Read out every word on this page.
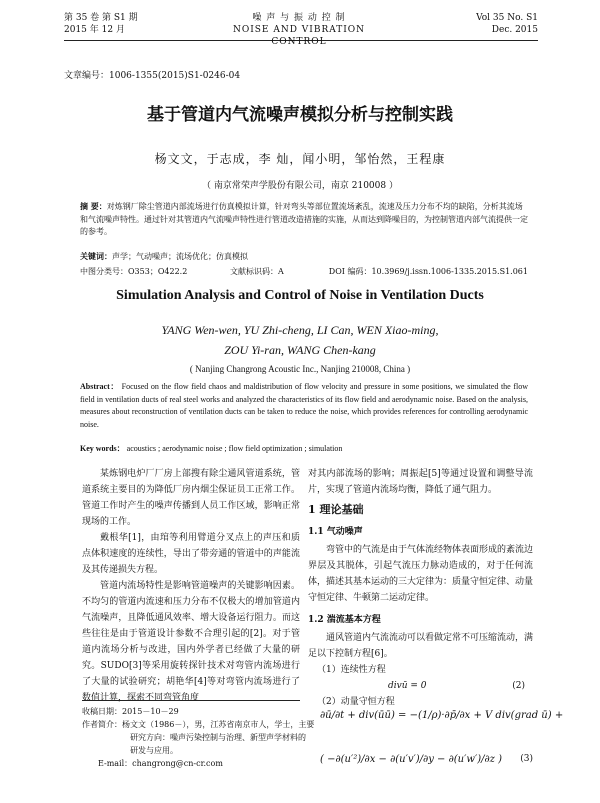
第 35 卷 第 S1 期
2015 年 12 月
噪 声 与 振 动 控 制
NOISE AND VIBRATION CONTROL
Vol 35 No. S1
Dec. 2015
文章编号：1006-1355(2015)S1-0246-04
基于管道内气流噪声模拟分析与控制实践
杨文文，于志成，李 灿，闻小明，邹怡然，王程康
（ 南京常荣声学股份有限公司，南京 210008 ）
摘 要：对炼钢厂除尘管道内部流场进行仿真模拟计算，针对弯头等部位置流场紊乱，流速及压力分布不均的缺陷，分析其流场和气流噪声特性。通过针对其管道内气流噪声特性进行管道改造措施的实施，从而达到降噪目的，为控制管道内部气流提供一定的参考。
关键词：声学；气动噪声；流场优化；仿真模拟
中图分类号：O353；O422.2	文献标识码：A	DOI 编码：10.3969/j.issn.1006-1335.2015.S1.061
Simulation Analysis and Control of Noise in Ventilation Ducts
YANG Wen-wen, YU Zhi-cheng, LI Can, WEN Xiao-ming,
ZOU Yi-ran, WANG Chen-kang
( Nanjing Changrong Acoustic Inc., Nanjing 210008, China )
Abstract： Focused on the flow field chaos and maldistribution of flow velocity and pressure in some positions, we simulated the flow field in ventilation ducts of real steel works and analyzed the characteristics of its flow field and aerodynamic noise. Based on the analysis, measures about reconstruction of ventilation ducts can be taken to reduce the noise, which provides references for controlling aerodynamic noise.
Key words： acoustics ; aerodynamic noise ; flow field optimization ; simulation

某炼钢电炉厂厂房上部搜有除尘通风管道系统，管道系统主要目的为降低厂房内烟尘保证员工正常工作。管道工作时产生的噪声传播到人员工作区域，影响正常现场的工作。

戴根华[1]，由琯等利用臂道分叉点上的声压和质点体积速度的连续性，导出了带旁通的管道中的声能流及其传递损失方程。

管道内流场特性是影响管道噪声的关键影响因素。不均匀的管道内流速和压力分布不仅极大的增加管道内气流噪声，且降低通风效率、增大设备运行阻力。而这些往往是由于管道设计参数不合理引起的[2]。对于管道内流场分析与改进，国内外学者已经做了大量的研究。SUDO[3]等采用旋转探针技术对弯管内流场进行了大量的试验研究；胡艳华[4]等对弯管内流场进行了数值计算，探索不同弯管角度

对其内部流场的影响；周振起[5]等通过设置和调整导流片，实现了管道内流场均衡，降低了通气阻力。

1 理论基础
1.1 气动噪声

弯管中的气流是由于气体流经物体表面形成的紊流边界层及其脱体，引起气流压力脉动造成的，对于任何流体，描述其基本运动的三大定律为：质量守恒定律、动量守恒定律、牛顿第二运动定律。

1.2 湍流基本方程

通风管道内气流流动可以看做定常不可压缩流动，满足以下控制方程[6]。

（1）连续性方程

divū = 0	(2)

（2）动量守恒方程

∂ū/∂t + div(ūū) = −(1/ρ)·∂p̄/∂x + V div(grad ū) +
( −∂(u′²)/∂x − ∂(u′v′)/∂y − ∂(u′w′)/∂z ) (3)
收稿日期：2015－10－29
作者简介：杨文文（1986－），男，江苏省南京市人，学士，主要
研究方向：噪声污染控制与治理、新型声学材料的
研发与应用。
E-mail：changrong@cn-cr.com
